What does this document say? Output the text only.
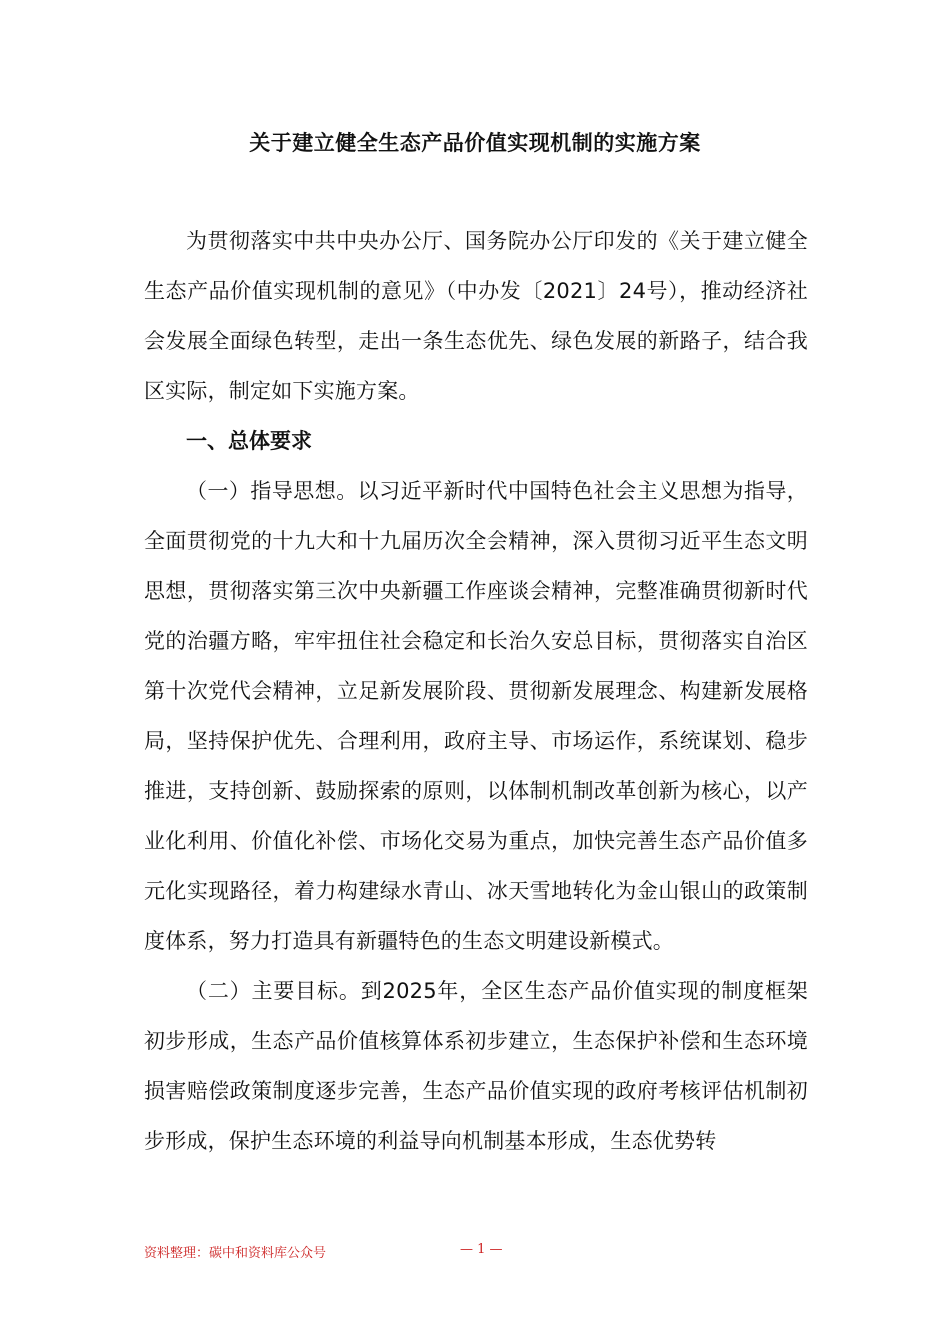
关于建立健全生态产品价值实现机制的实施方案

为贯彻落实中共中央办公厅、国务院办公厅印发的《关于建立健全生态产品价值实现机制的意见》（中办发〔2021〕24号），推动经济社会发展全面绿色转型，走出一条生态优先、绿色发展的新路子，结合我区实际，制定如下实施方案。

一、总体要求

（一）指导思想。以习近平新时代中国特色社会主义思想为指导，全面贯彻党的十九大和十九届历次全会精神，深入贯彻习近平生态文明思想，贯彻落实第三次中央新疆工作座谈会精神，完整准确贯彻新时代党的治疆方略，牢牢扭住社会稳定和长治久安总目标，贯彻落实自治区第十次党代会精神，立足新发展阶段、贯彻新发展理念、构建新发展格局，坚持保护优先、合理利用，政府主导、市场运作，系统谋划、稳步推进，支持创新、鼓励探索的原则，以体制机制改革创新为核心，以产业化利用、价值化补偿、市场化交易为重点，加快完善生态产品价值多元化实现路径，着力构建绿水青山、冰天雪地转化为金山银山的政策制度体系，努力打造具有新疆特色的生态文明建设新模式。

（二）主要目标。到2025年，全区生态产品价值实现的制度框架初步形成，生态产品价值核算体系初步建立，生态保护补偿和生态环境损害赔偿政策制度逐步完善，生态产品价值实现的政府考核评估机制初步形成，保护生态环境的利益导向机制基本形成，生态优势转

资料整理：碳中和资料库公众号	— 1 —
